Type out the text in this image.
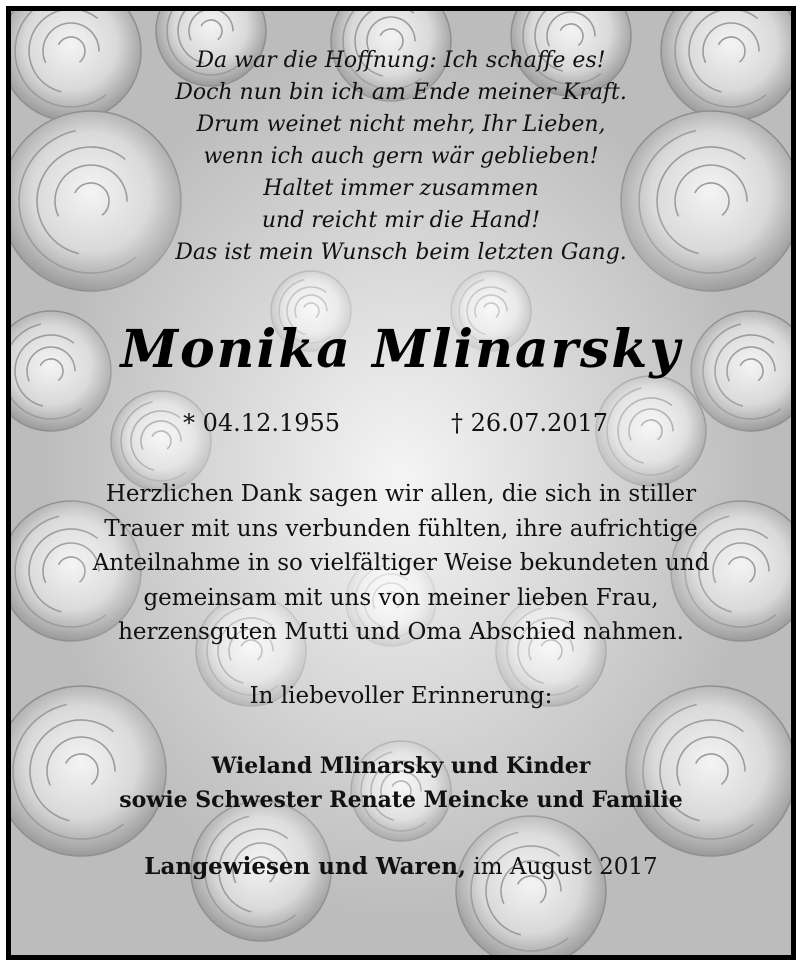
Da war die Hoffnung: Ich schaffe es!
Doch nun bin ich am Ende meiner Kraft.
Drum weinet nicht mehr, Ihr Lieben,
wenn ich auch gern wär geblieben!
Haltet immer zusammen
und reicht mir die Hand!
Das ist mein Wunsch beim letzten Gang.
Monika Mlinarsky
* 04.12.1955	† 26.07.2017
Herzlichen Dank sagen wir allen, die sich in stiller
Trauer mit uns verbunden fühlten, ihre aufrichtige
Anteilnahme in so vielfältiger Weise bekundeten und
gemeinsam mit uns von meiner lieben Frau,
herzensguten Mutti und Oma Abschied nahmen.
In liebevoller Erinnerung:
Wieland Mlinarsky und Kinder
sowie Schwester Renate Meincke und Familie
Langewiesen und Waren, im August 2017
